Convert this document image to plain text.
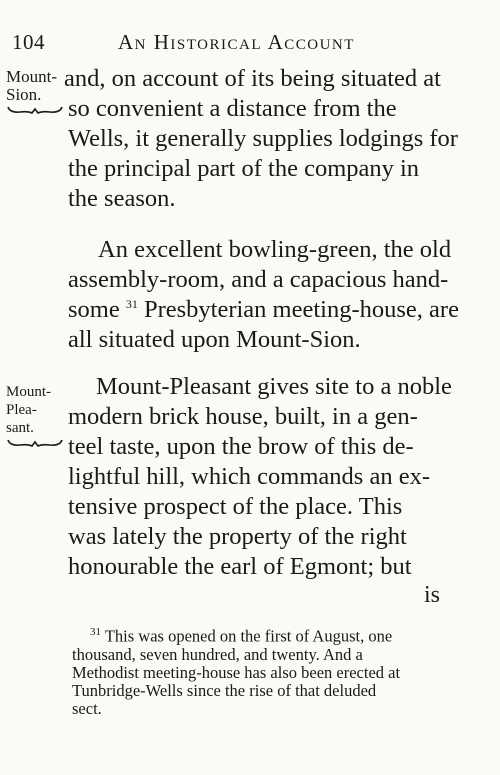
104	An Historical Account
Mount-
Sion.
and, on account of its being situated at
so convenient a distance from the
Wells, it generally supplies lodgings for
the principal part of the company in
the season.
An excellent bowling-green, the old
assembly-room, and a capacious hand-
some $^{31}$ Presbyterian meeting-house, are
all situated upon Mount-Sion.
Mount-
Plea-
sant.
Mount-Pleasant gives site to a noble
modern brick house, built, in a gen-
teel taste, upon the brow of this de-
lightful hill, which commands an ex-
tensive prospect of the place. This
was lately the property of the right
honourable the earl of Egmont; but
is
$^{31}$ This was opened on the first of August, one
thousand, seven hundred, and twenty. And a
Methodist meeting-house has also been erected at
Tunbridge-Wells since the rise of that deluded
sect.
